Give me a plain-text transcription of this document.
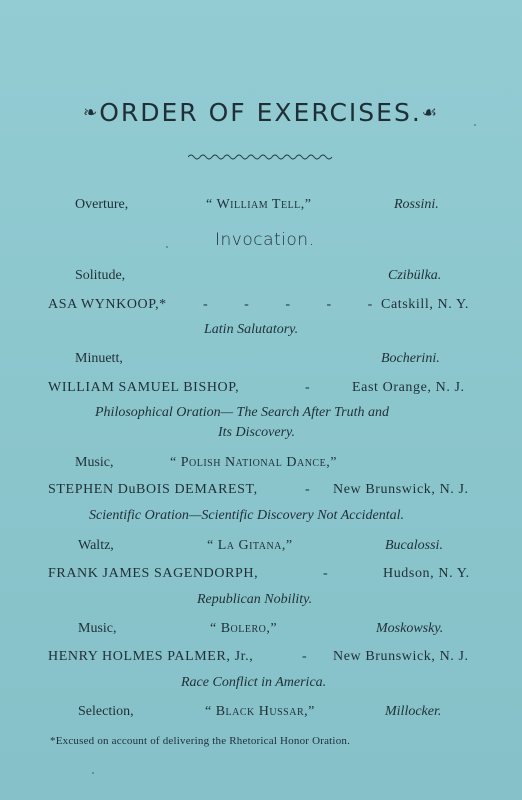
❧ORDER OF EXERCISES.☙
Overture,	“ William Tell,”	Rossini.
Invocation.
Solitude,	Czibülka.
ASA WYNKOOP,*	- - - - - Catskill, N. Y.
Latin Salutatory.
Minuett,	Bocherini.
WILLIAM SAMUEL BISHOP,	-	East Orange, N. J.
Philosophical Oration— The Search After Truth and
Its Discovery.
Music,	“ Polish National Dance,”
STEPHEN DuBOIS DEMAREST,	- New Brunswick, N. J.
Scientific Oration—Scientific Discovery Not Accidental.
Waltz,	“ La Gitana,”	Bucalossi.
FRANK JAMES SAGENDORPH,	-	Hudson, N. Y.
Republican Nobility.
Music,	“ Bolero,”	Moskowsky.
HENRY HOLMES PALMER, Jr.,	- New Brunswick, N. J.
Race Conflict in America.
Selection,	“ Black Hussar,”	Millocker.
*Excused on account of delivering the Rhetorical Honor Oration.
